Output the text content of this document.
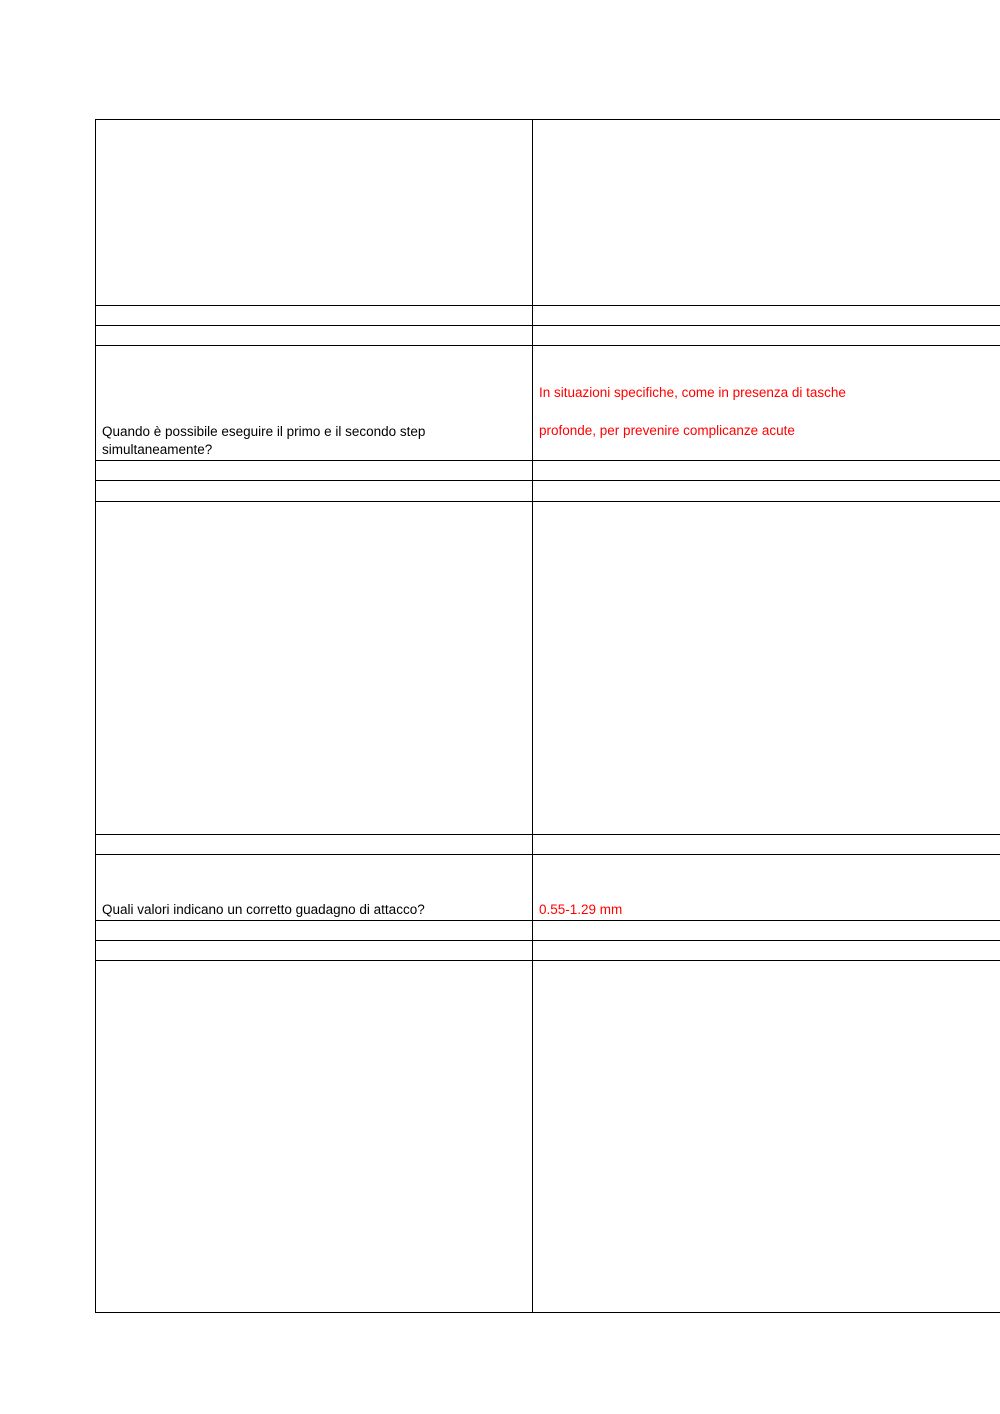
Quando è possibile eseguire il primo e il secondo step simultaneamente?	In situazioni specifiche, come in presenza di tasche
profonde, per prevenire complicanze acute

Quali valori indicano un corretto guadagno di attacco?	0.55-1.29 mm
